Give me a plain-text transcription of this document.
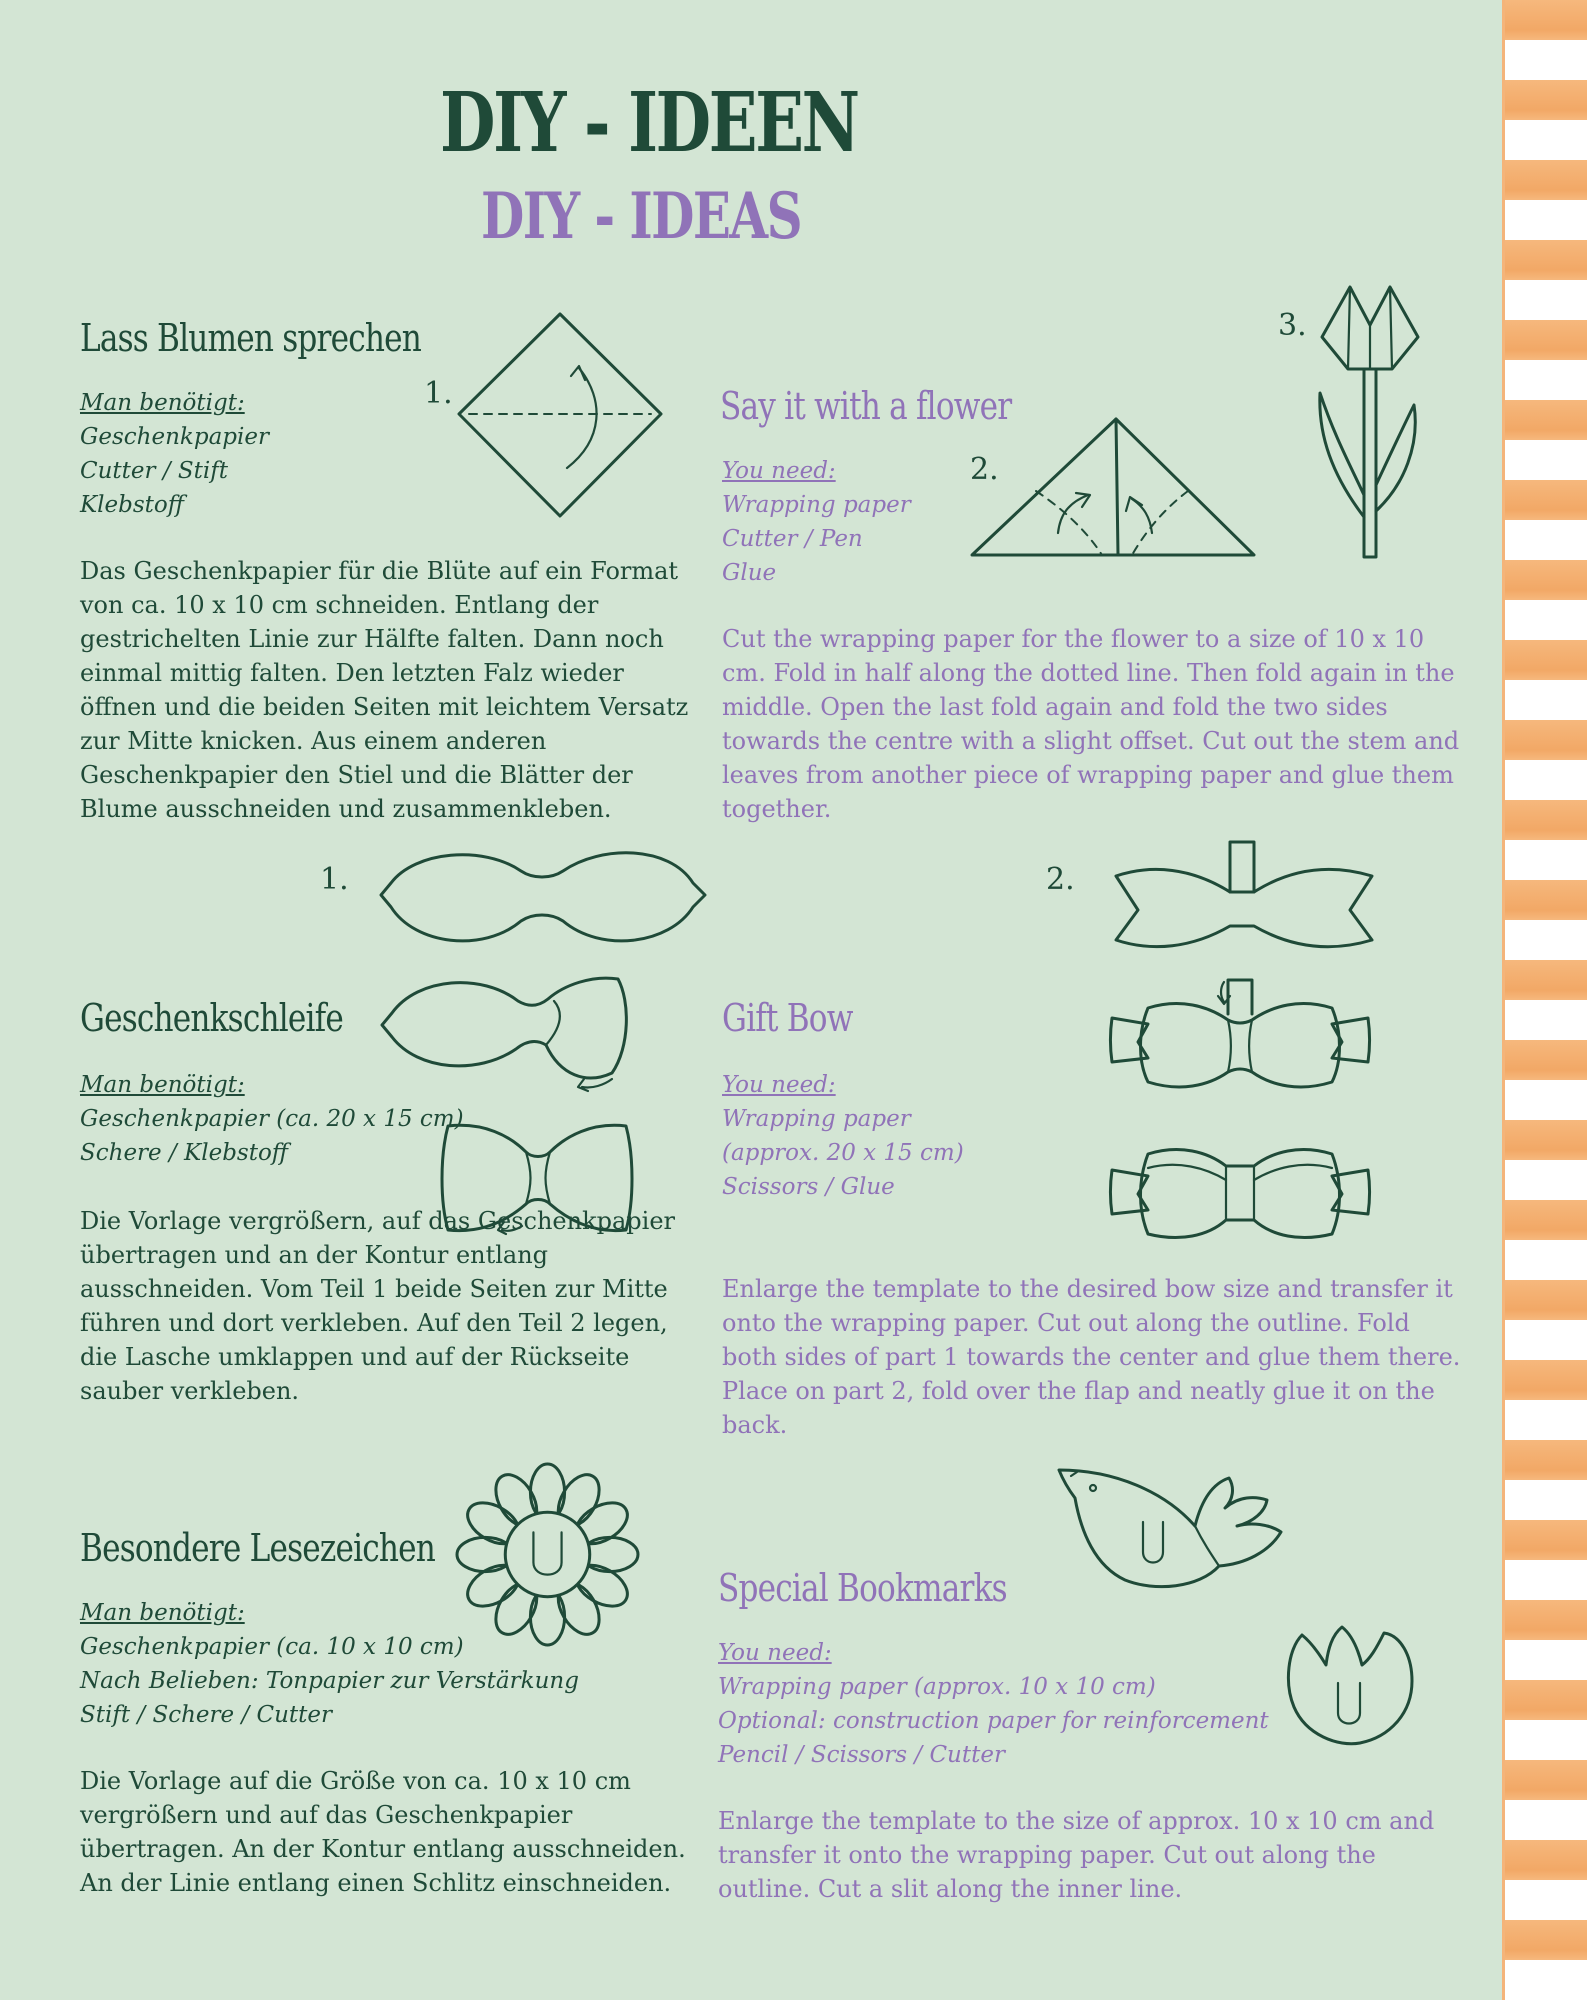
DIY - IDEEN
DIY - IDEAS
Lass Blumen sprechen
Man benötigt:
Geschenkpapier
Cutter / Stift
Klebstoff

Das Geschenkpapier für die Blüte auf ein Format von ca. 10 x 10 cm schneiden. Entlang der gestrichelten Linie zur Hälfte falten. Dann noch einmal mittig falten. Den letzten Falz wieder öffnen und die beiden Seiten mit leichtem Versatz zur Mitte knicken. Aus einem anderen Geschenkpapier den Stiel und die Blätter der Blume ausschneiden und zusammenkleben.

Say it with a flower
You need:
Wrapping paper
Cutter / Pen
Glue

Cut the wrapping paper for the flower to a size of 10 x 10 cm. Fold in half along the dotted line. Then fold again in the middle. Open the last fold again and fold the two sides towards the centre with a slight offset. Cut out the stem and leaves from another piece of wrapping paper and glue them together.

1.
2.
3.
1.	2.
Geschenkschleife
Man benötigt:
Geschenkpapier (ca. 20 x 15 cm)
Schere / Klebstoff

Die Vorlage vergrößern, auf das Geschenkpapier übertragen und an der Kontur entlang ausschneiden. Vom Teil 1 beide Seiten zur Mitte führen und dort verkleben. Auf den Teil 2 legen, die Lasche umklappen und auf der Rückseite sauber verkleben.

Gift Bow
You need:
Wrapping paper
(approx. 20 x 15 cm)
Scissors / Glue

Enlarge the template to the desired bow size and transfer it onto the wrapping paper. Cut out along the outline. Fold both sides of part 1 towards the center and glue them there. Place on part 2, fold over the flap and neatly glue it on the back.

Besondere Lesezeichen
Man benötigt:
Geschenkpapier (ca. 10 x 10 cm)
Nach Belieben: Tonpapier zur Verstärkung
Stift / Schere / Cutter

Die Vorlage auf die Größe von ca. 10 x 10 cm vergrößern und auf das Geschenkpapier übertragen. An der Kontur entlang ausschneiden. An der Linie entlang einen Schlitz einschneiden.

Special Bookmarks
You need:
Wrapping paper (approx. 10 x 10 cm)
Optional: construction paper for reinforcement
Pencil / Scissors / Cutter

Enlarge the template to the size of approx. 10 x 10 cm and transfer it onto the wrapping paper. Cut out along the outline. Cut a slit along the inner line.
